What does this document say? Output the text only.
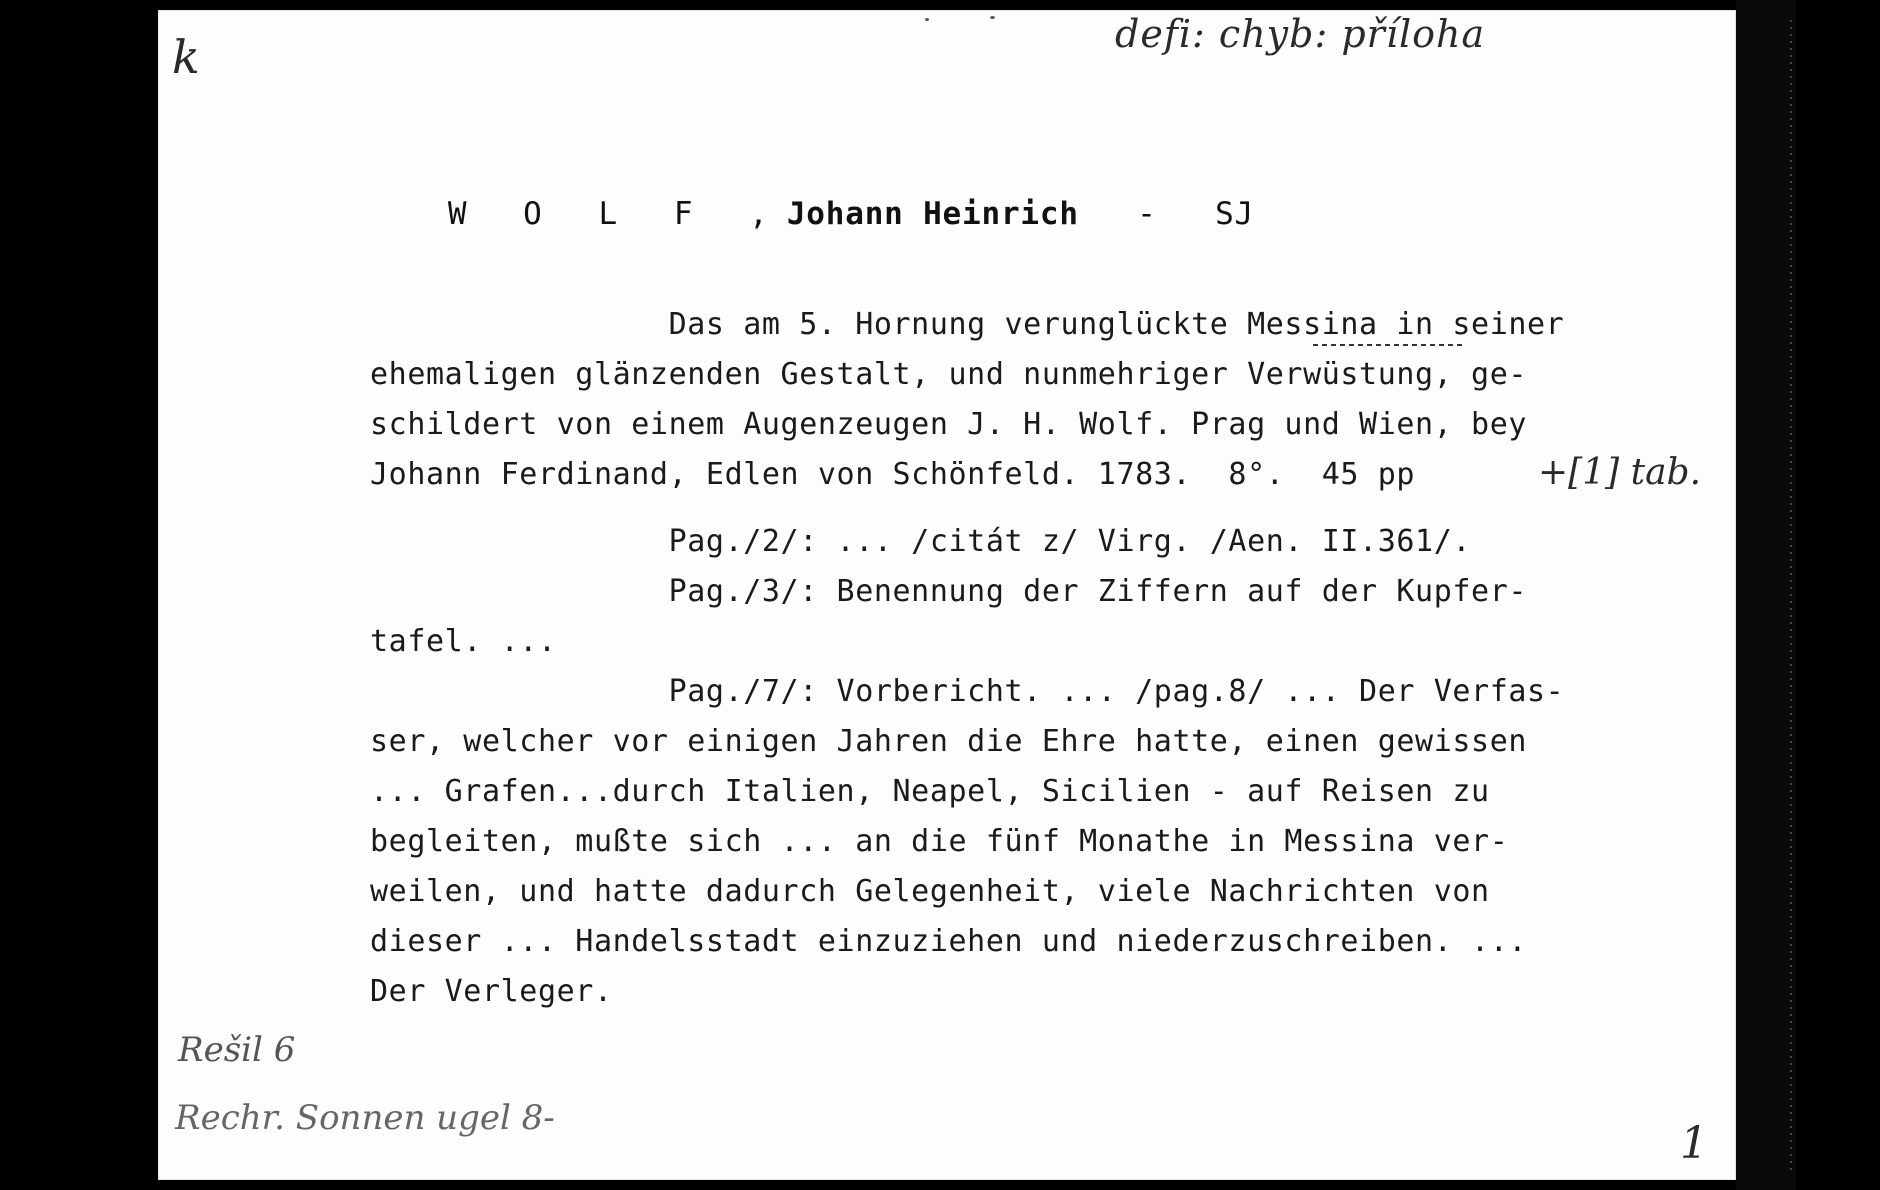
k	defi: chyb: příloha

W O L F ,Johann Heinrich - SJ

Das am 5. Hornung verunglückte Messina in seiner
ehemaligen glänzenden Gestalt, und nunmehriger Verwüstung, ge-
schildert von einem Augenzeugen J. H. Wolf. Prag und Wien, bey
Johann Ferdinand, Edlen von Schönfeld. 1783.  8°.  45 pp	+[1] tab.
Pag./2/: ... /citát z/ Virg. /Aen. II.361/.
Pag./3/: Benennung der Ziffern auf der Kupfer-
tafel. ...
Pag./7/: Vorbericht. ... /pag.8/ ... Der Verfas-
ser, welcher vor einigen Jahren die Ehre hatte, einen gewissen
... Grafen...durch Italien, Neapel, Sicilien - auf Reisen zu
begleiten, mußte sich ... an die fünf Monathe in Messina ver-
weilen, und hatte dadurch Gelegenheit, viele Nachrichten von
dieser ... Handelsstadt einzuziehen und niederzuschreiben. ...
Der Verleger.
Rešil 6
Rechr. Sonnen ugel 8-	1
